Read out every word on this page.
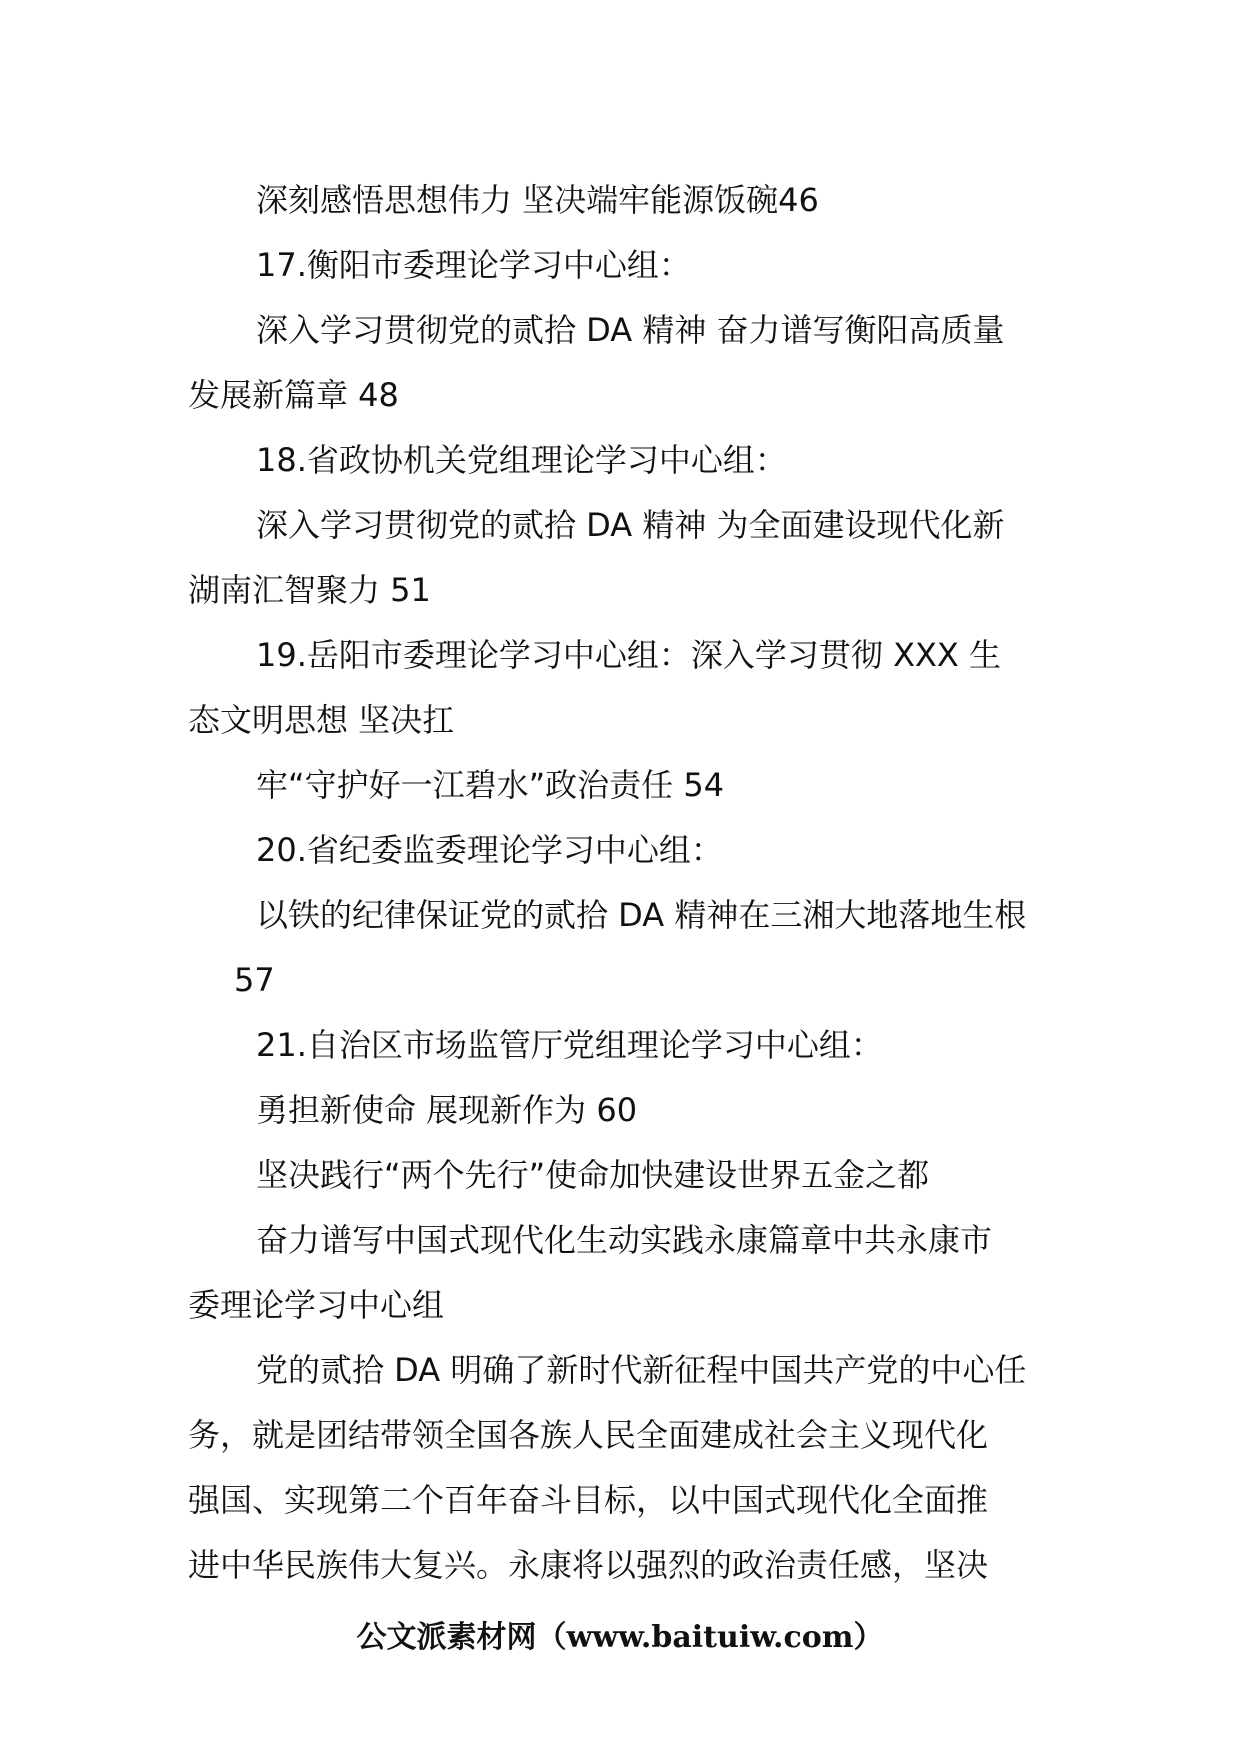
深刻感悟思想伟力 坚决端牢能源饭碗46
17.衡阳市委理论学习中心组：
深入学习贯彻党的贰拾 DA 精神 奋力谱写衡阳高质量
发展新篇章 48
18.省政协机关党组理论学习中心组：
深入学习贯彻党的贰拾 DA 精神 为全面建设现代化新
湖南汇智聚力 51
19.岳阳市委理论学习中心组：深入学习贯彻 XXX 生
态文明思想 坚决扛
牢“守护好一江碧水”政治责任 54
20.省纪委监委理论学习中心组：
以铁的纪律保证党的贰拾 DA 精神在三湘大地落地生根
57
21.自治区市场监管厅党组理论学习中心组：
勇担新使命 展现新作为 60
坚决践行“两个先行”使命加快建设世界五金之都
奋力谱写中国式现代化生动实践永康篇章中共永康市
委理论学习中心组
党的贰拾 DA 明确了新时代新征程中国共产党的中心任
务，就是团结带领全国各族人民全面建成社会主义现代化
强国、实现第二个百年奋斗目标，以中国式现代化全面推
进中华民族伟大复兴。永康将以强烈的政治责任感，坚决
公文派素材网（www.baituiw.com）
